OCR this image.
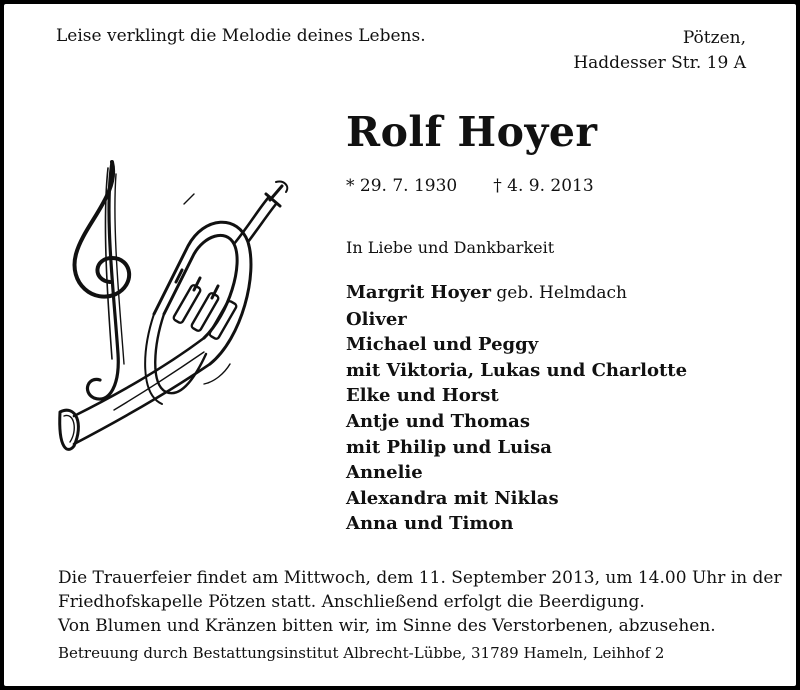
Leise verklingt die Melodie deines Lebens.	Pötzen,
Haddesser Str. 19 A
Rolf Hoyer
* 29. 7. 1930 † 4. 9. 2013
In Liebe und Dankbarkeit
Margrit Hoyer geb. Helmdach
Oliver
Michael und Peggy
mit Viktoria, Lukas und Charlotte
Elke und Horst
Antje und Thomas
mit Philip und Luisa
Annelie
Alexandra mit Niklas
Anna und Timon
Die Trauerfeier findet am Mittwoch, dem 11. September 2013, um 14.00 Uhr in der
Friedhofskapelle Pötzen statt. Anschließend erfolgt die Beerdigung.
Von Blumen und Kränzen bitten wir, im Sinne des Verstorbenen, abzusehen.
Betreuung durch Bestattungsinstitut Albrecht-Lübbe, 31789 Hameln, Leihhof 2
